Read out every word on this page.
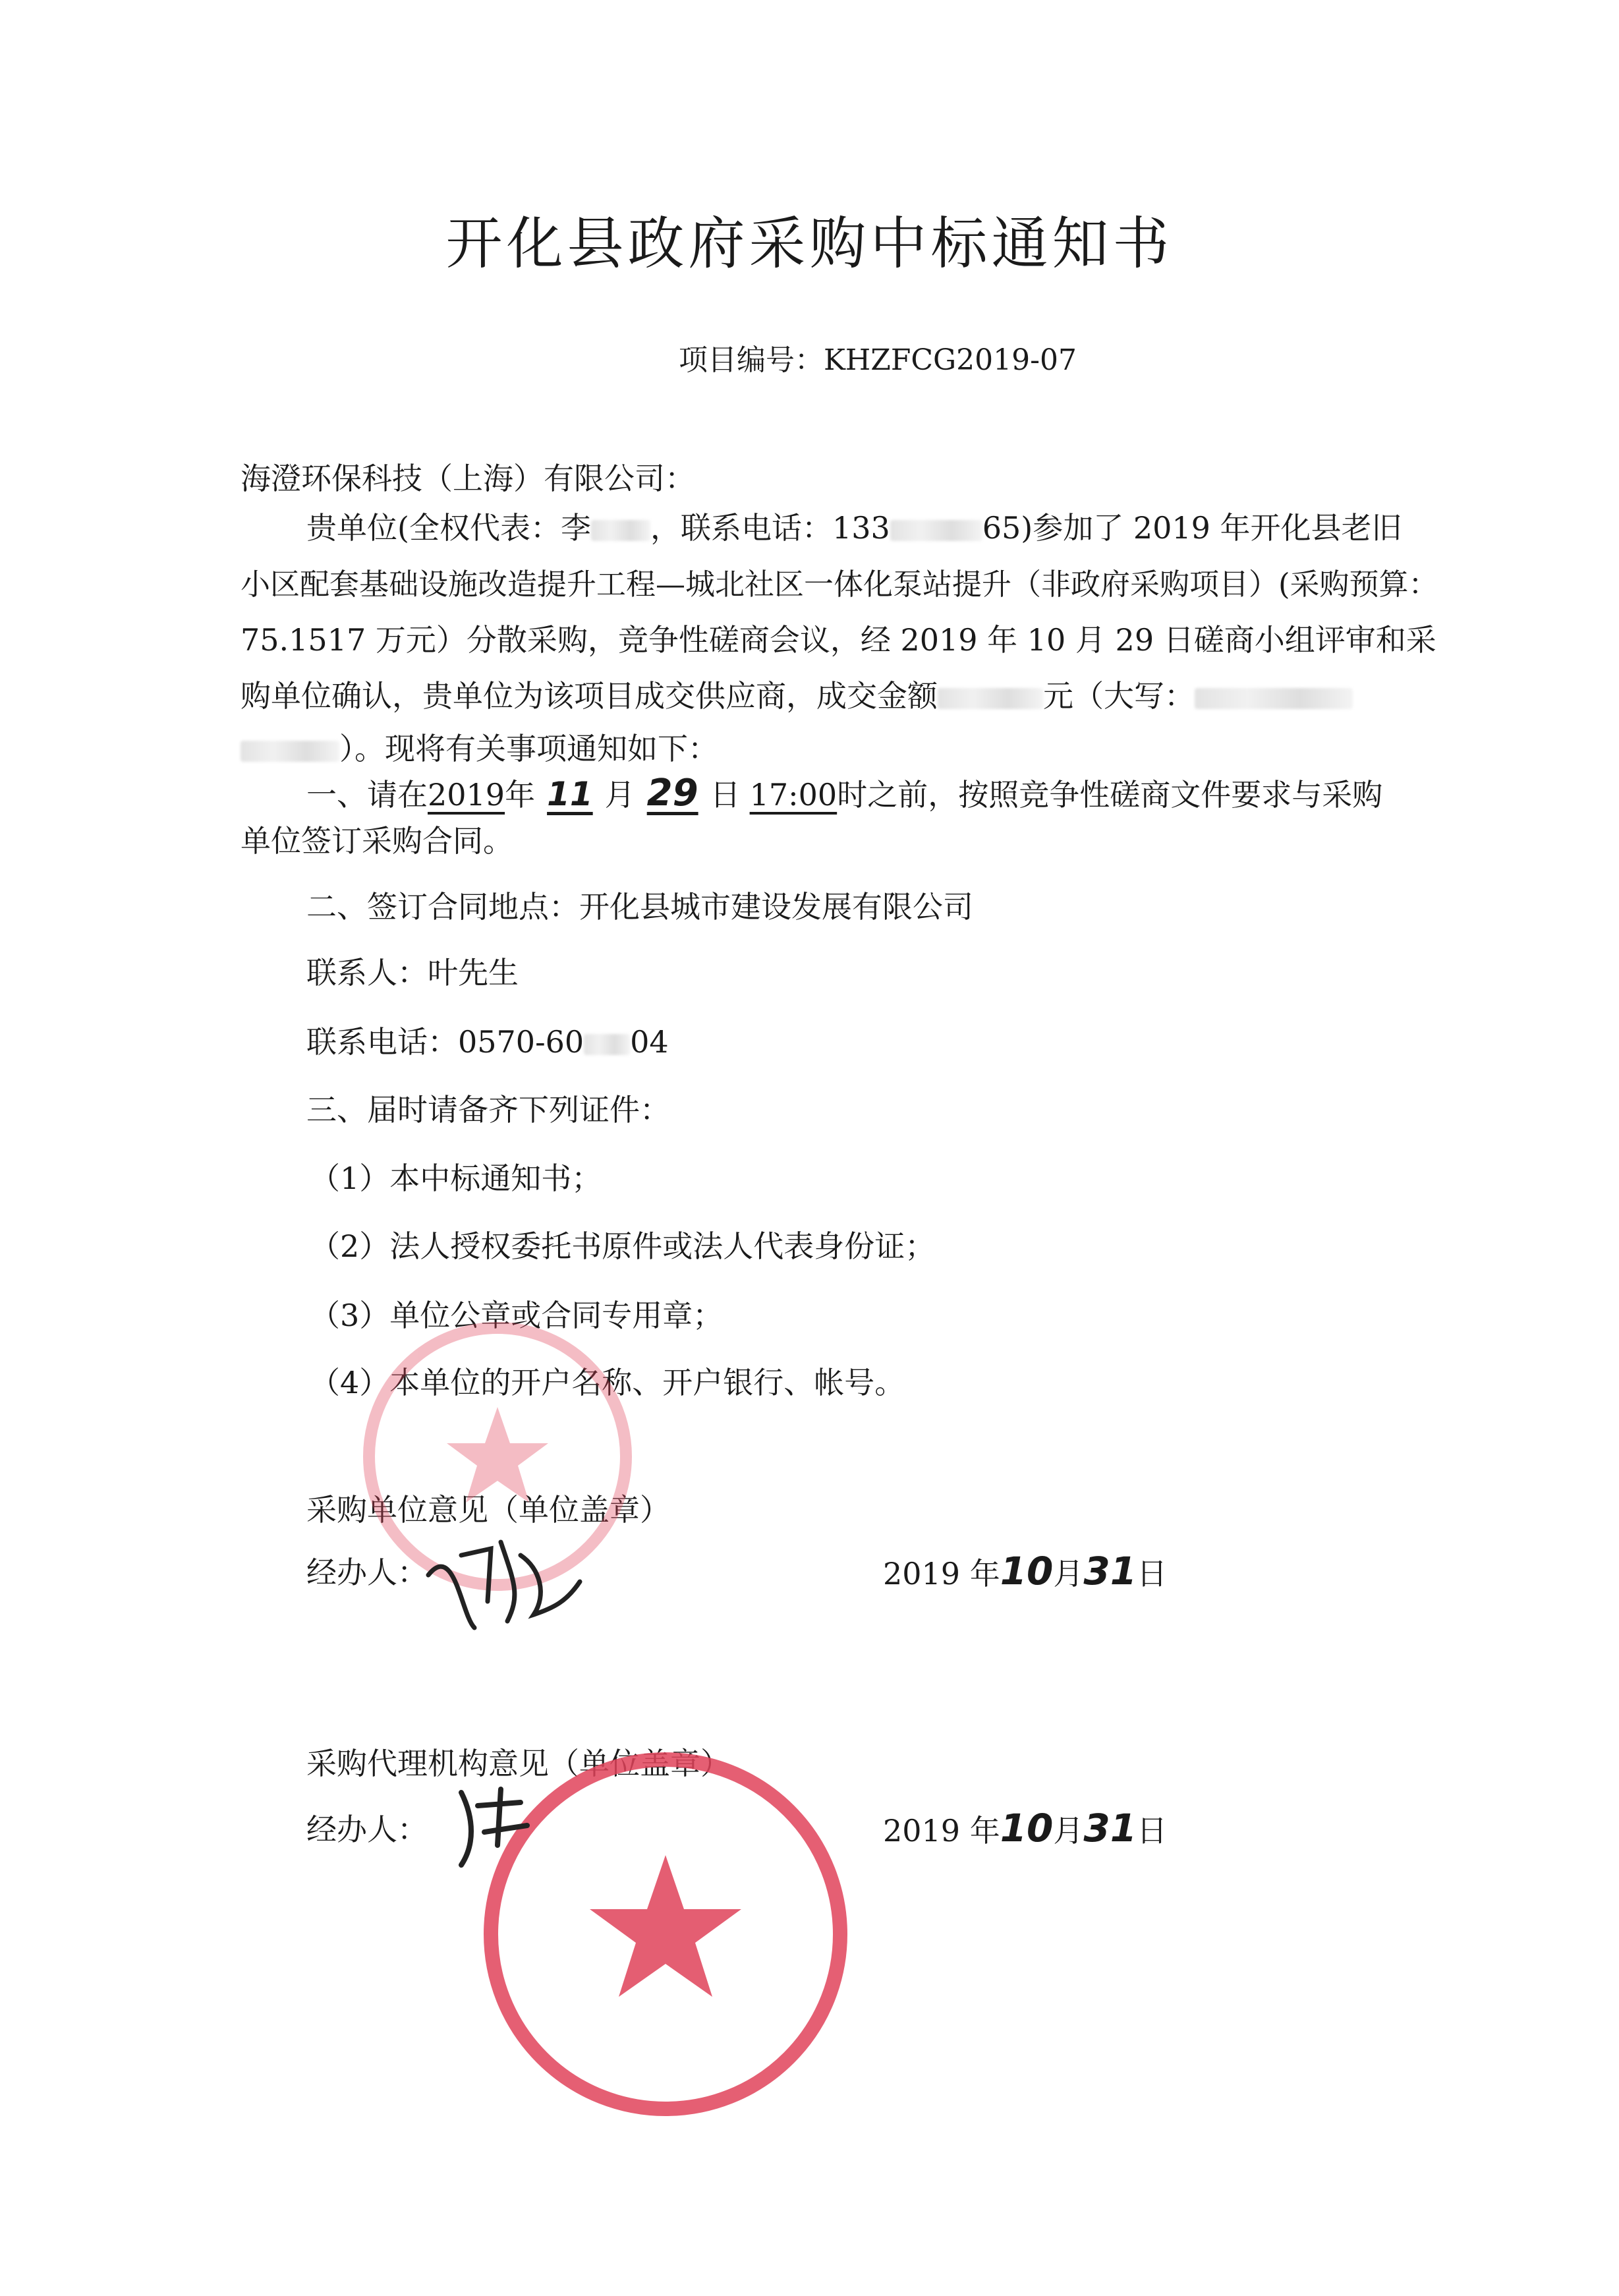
开化县政府采购中标通知书
项目编号：KHZFCG2019-07
海澄环保科技（上海）有限公司：
贵单位(全权代表：李 ，联系电话：133	65)参加了 2019 年开化县老旧
小区配套基础设施改造提升工程—城北社区一体化泵站提升（非政府采购项目）(采购预算：
75.1517 万元）分散采购，竞争性磋商会议，经 2019 年 10 月 29 日磋商小组评审和采
购单位确认，贵单位为该项目成交供应商，成交金额	元（大写：
）。现将有关事项通知如下：
一、请在2019年 11 月 29 日 17:00时之前，按照竞争性磋商文件要求与采购
单位签订采购合同。
二、签订合同地点：开化县城市建设发展有限公司
联系人：叶先生
联系电话：0570-60 04
三、届时请备齐下列证件：
（1）本中标通知书；
（2）法人授权委托书原件或法人代表身份证；
（3）单位公章或合同专用章；
（4）本单位的开户名称、开户银行、帐号。
采购单位意见（单位盖章）
经办人：	2019 年10月31日
采购代理机构意见（单位盖章）
经办人：	2019 年10月31日
